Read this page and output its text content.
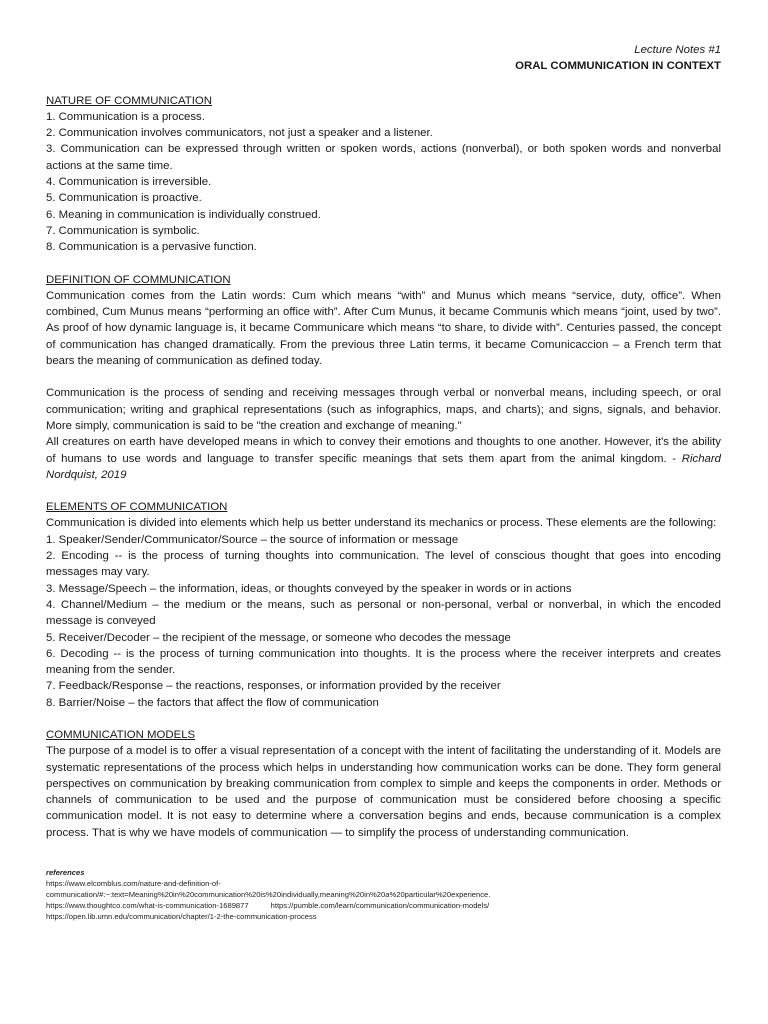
Lecture Notes #1
ORAL COMMUNICATION IN CONTEXT
NATURE OF COMMUNICATION

1. Communication is a process.

2. Communication involves communicators, not just a speaker and a listener.

3. Communication can be expressed through written or spoken words, actions (nonverbal), or both spoken words and nonverbal actions at the same time.

4. Communication is irreversible.

5. Communication is proactive.

6. Meaning in communication is individually construed.

7. Communication is symbolic.

8. Communication is a pervasive function.

DEFINITION OF COMMUNICATION

Communication comes from the Latin words: Cum which means “with” and Munus which means “service, duty, office”. When combined, Cum Munus means “performing an office with”. After Cum Munus, it became Communis which means “joint, used by two”. As proof of how dynamic language is, it became Communicare which means “to share, to divide with”. Centuries passed, the concept of communication has changed dramatically. From the previous three Latin terms, it became Comunicaccion – a French term that bears the meaning of communication as defined today.

Communication is the process of sending and receiving messages through verbal or nonverbal means, including speech, or oral communication; writing and graphical representations (such as infographics, maps, and charts); and signs, signals, and behavior. More simply, communication is said to be "the creation and exchange of meaning."

All creatures on earth have developed means in which to convey their emotions and thoughts to one another. However, it's the ability of humans to use words and language to transfer specific meanings that sets them apart from the animal kingdom. - Richard Nordquist, 2019

ELEMENTS OF COMMUNICATION

Communication is divided into elements which help us better understand its mechanics or process. These elements are the following:

1. Speaker/Sender/Communicator/Source – the source of information or message

2. Encoding -- is the process of turning thoughts into communication. The level of conscious thought that goes into encoding messages may vary.

3. Message/Speech – the information, ideas, or thoughts conveyed by the speaker in words or in actions

4. Channel/Medium – the medium or the means, such as personal or non-personal, verbal or nonverbal, in which the encoded message is conveyed

5. Receiver/Decoder – the recipient of the message, or someone who decodes the message

6. Decoding -- is the process of turning communication into thoughts. It is the process where the receiver interprets and creates meaning from the sender.

7. Feedback/Response – the reactions, responses, or information provided by the receiver

8. Barrier/Noise – the factors that affect the flow of communication

COMMUNICATION MODELS

The purpose of a model is to offer a visual representation of a concept with the intent of facilitating the understanding of it. Models are systematic representations of the process which helps in understanding how communication works can be done. They form general perspectives on communication by breaking communication from complex to simple and keeps the components in order. Methods or channels of communication to be used and the purpose of communication must be considered before choosing a specific communication model. It is not easy to determine where a conversation begins and ends, because communication is a complex process. That is why we have models of communication — to simplify the process of understanding communication.

references
https://www.elcomblus.com/nature-and-definition-of-
communication/#:~:text=Meaning%20in%20communication%20is%20individually,meaning%20in%20a%20particular%20experience.
https://www.thoughtco.com/what-is-communication-1689877	https://pumble.com/learn/communication/communication-models/
https://open.lib.umn.edu/communication/chapter/1-2-the-communication-process
